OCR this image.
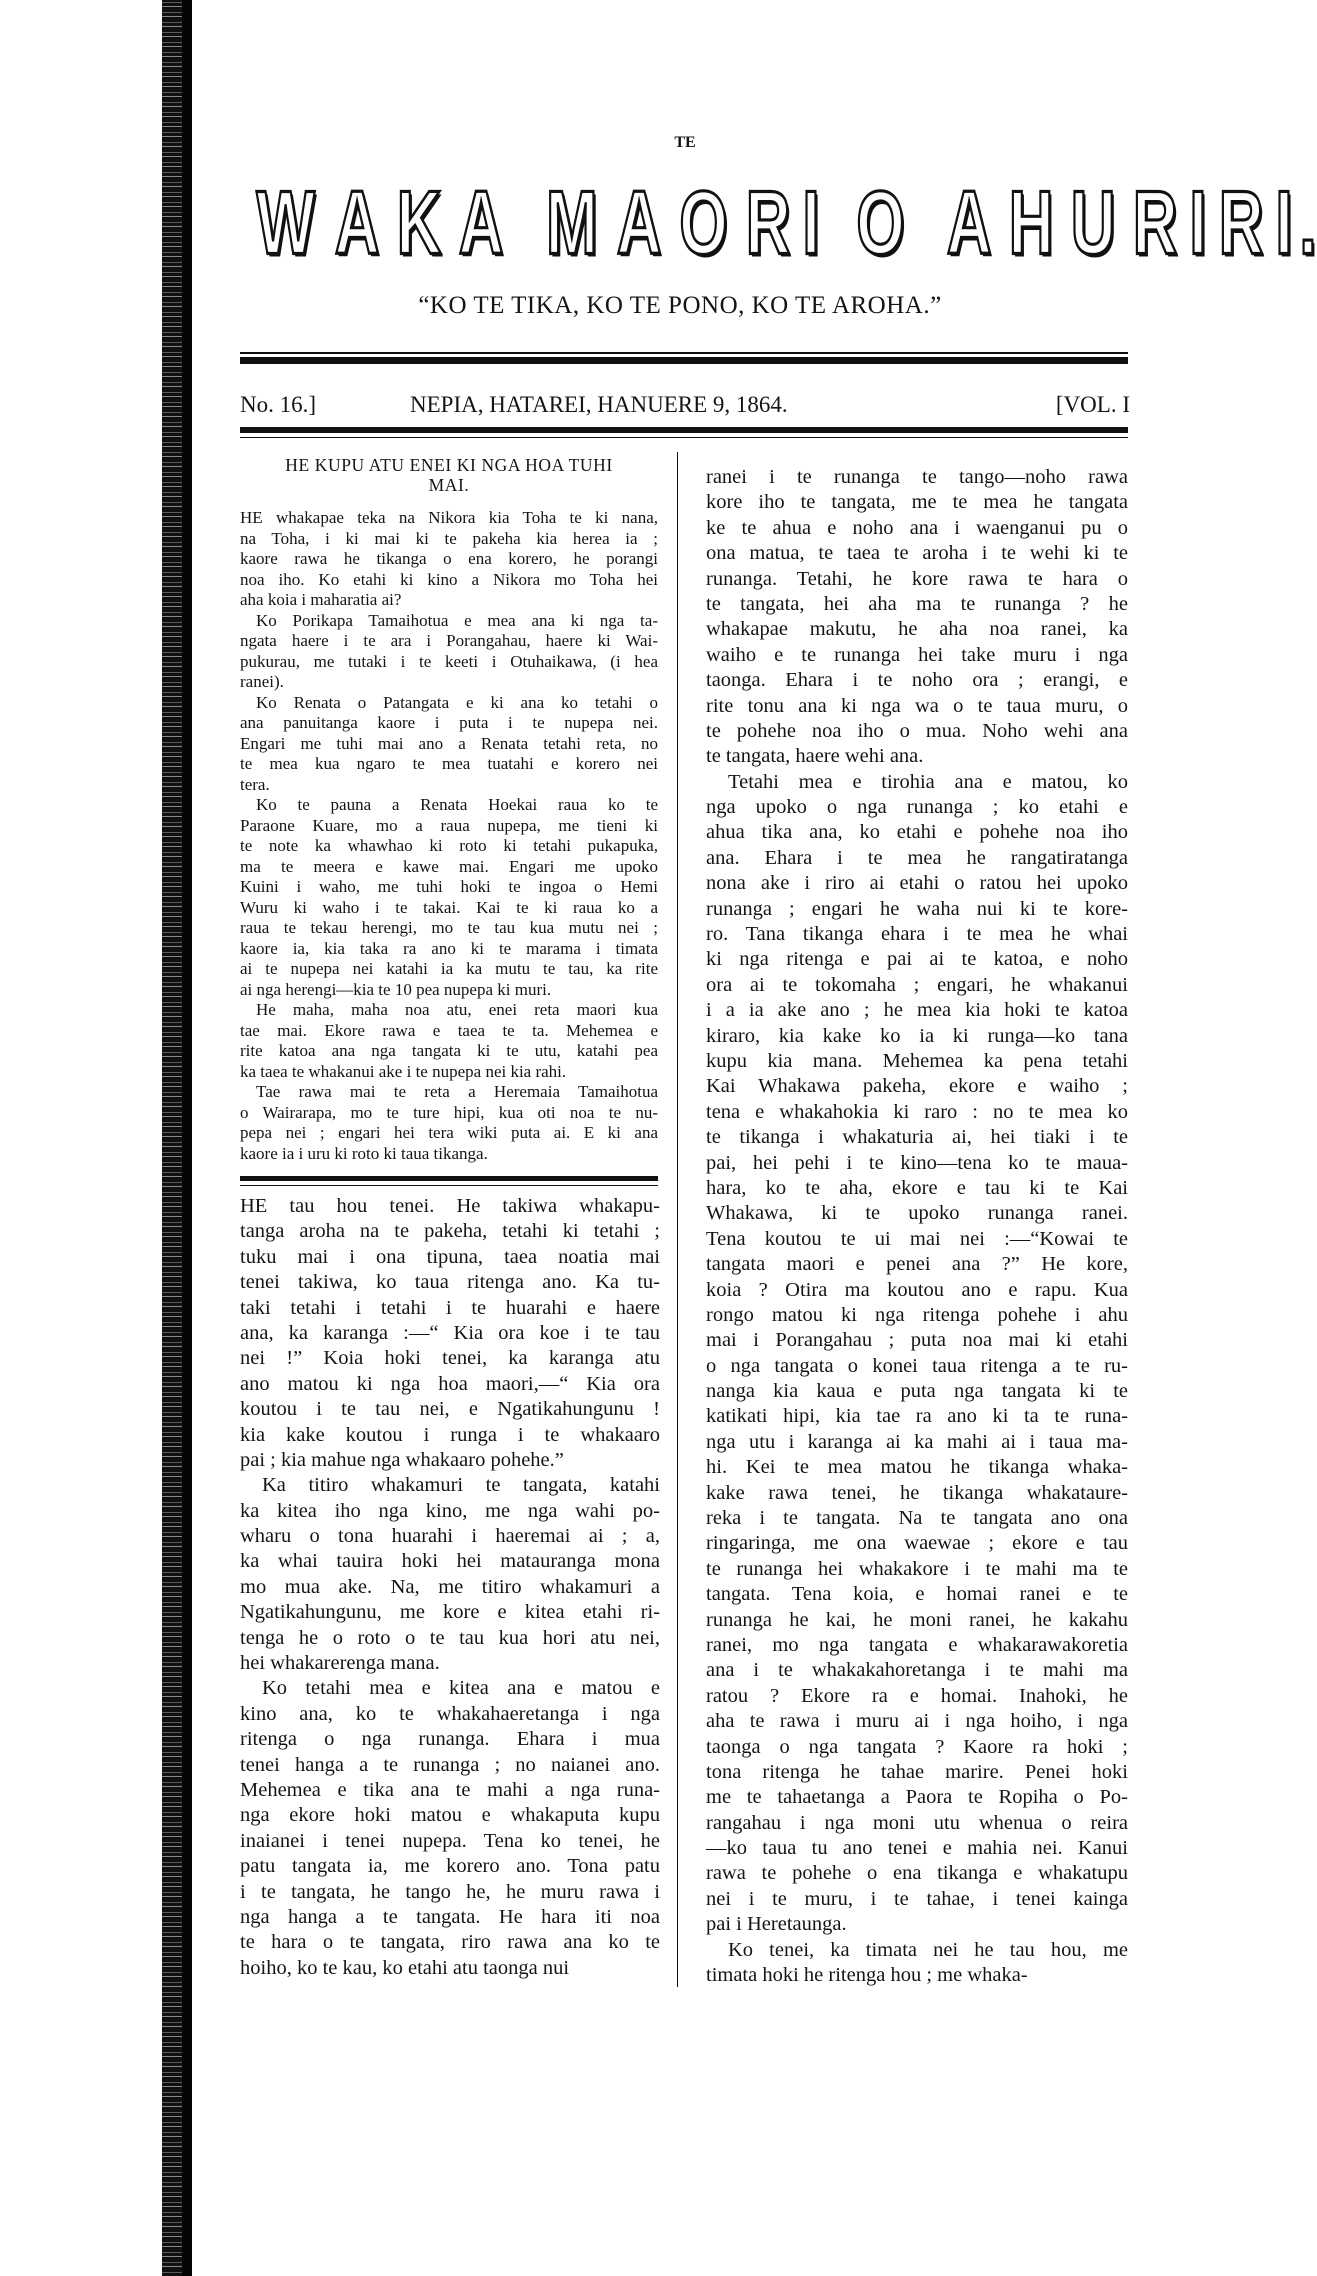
TE
W A K A
M A O R I
O
A H U R I R I .
“KO TE TIKA, KO TE PONO, KO TE AROHA.”
No. 16.]	NEPIA, HATAREI, HANUERE 9, 1864.	[VOL. I
HE KUPU ATU ENEI KI NGA HOA TUHI
MAI.
HE whakapae teka na Nikora kia Toha te ki nana,
na Toha, i ki mai ki te pakeha kia herea ia ;
kaore rawa he tikanga o ena korero, he porangi
noa iho. Ko etahi ki kino a Nikora mo Toha hei
aha koia i maharatia ai?
Ko Porikapa Tamaihotua e mea ana ki nga ta-
ngata haere i te ara i Porangahau, haere ki Wai-
pukurau, me tutaki i te keeti i Otuhaikawa, (i hea
ranei).
Ko Renata o Patangata e ki ana ko tetahi o
ana panuitanga kaore i puta i te nupepa nei.
Engari me tuhi mai ano a Renata tetahi reta, no
te mea kua ngaro te mea tuatahi e korero nei
tera.
Ko te pauna a Renata Hoekai raua ko te
Paraone Kuare, mo a raua nupepa, me tieni ki
te note ka whawhao ki roto ki tetahi pukapuka,
ma te meera e kawe mai. Engari me upoko
Kuini i waho, me tuhi hoki te ingoa o Hemi
Wuru ki waho i te takai. Kai te ki raua ko a
raua te tekau herengi, mo te tau kua mutu nei ;
kaore ia, kia taka ra ano ki te marama i timata
ai te nupepa nei katahi ia ka mutu te tau, ka rite
ai nga herengi—kia te 10 pea nupepa ki muri.
He maha, maha noa atu, enei reta maori kua
tae mai. Ekore rawa e taea te ta. Mehemea e
rite katoa ana nga tangata ki te utu, katahi pea
ka taea te whakanui ake i te nupepa nei kia rahi.
Tae rawa mai te reta a Heremaia Tamaihotua
o Wairarapa, mo te ture hipi, kua oti noa te nu-
pepa nei ; engari hei tera wiki puta ai. E ki ana
kaore ia i uru ki roto ki taua tikanga.
HE tau hou tenei. He takiwa whakapu-
tanga aroha na te pakeha, tetahi ki tetahi ;
tuku mai i ona tipuna, taea noatia mai
tenei takiwa, ko taua ritenga ano. Ka tu-
taki tetahi i tetahi i te huarahi e haere
ana, ka karanga :—“ Kia ora koe i te tau
nei !” Koia hoki tenei, ka karanga atu
ano matou ki nga hoa maori,—“ Kia ora
koutou i te tau nei, e Ngatikahungunu !
kia kake koutou i runga i te whakaaro
pai ; kia mahue nga whakaaro pohehe.”
Ka titiro whakamuri te tangata, katahi
ka kitea iho nga kino, me nga wahi po-
wharu o tona huarahi i haeremai ai ; a,
ka whai tauira hoki hei matauranga mona
mo mua ake. Na, me titiro whakamuri a
Ngatikahungunu, me kore e kitea etahi ri-
tenga he o roto o te tau kua hori atu nei,
hei whakarerenga mana.
Ko tetahi mea e kitea ana e matou e
kino ana, ko te whakahaeretanga i nga
ritenga o nga runanga. Ehara i mua
tenei hanga a te runanga ; no naianei ano.
Mehemea e tika ana te mahi a nga runa-
nga ekore hoki matou e whakaputa kupu
inaianei i tenei nupepa. Tena ko tenei, he
patu tangata ia, me korero ano. Tona patu
i te tangata, he tango he, he muru rawa i
nga hanga a te tangata. He hara iti noa
te hara o te tangata, riro rawa ana ko te
hoiho, ko te kau, ko etahi atu taonga nui
ranei i te runanga te tango—noho rawa
kore iho te tangata, me te mea he tangata
ke te ahua e noho ana i waenganui pu o
ona matua, te taea te aroha i te wehi ki te
runanga. Tetahi, he kore rawa te hara o
te tangata, hei aha ma te runanga ? he
whakapae makutu, he aha noa ranei, ka
waiho e te runanga hei take muru i nga
taonga. Ehara i te noho ora ; erangi, e
rite tonu ana ki nga wa o te taua muru, o
te pohehe noa iho o mua. Noho wehi ana
te tangata, haere wehi ana.
Tetahi mea e tirohia ana e matou, ko
nga upoko o nga runanga ; ko etahi e
ahua tika ana, ko etahi e pohehe noa iho
ana. Ehara i te mea he rangatiratanga
nona ake i riro ai etahi o ratou hei upoko
runanga ; engari he waha nui ki te kore-
ro. Tana tikanga ehara i te mea he whai
ki nga ritenga e pai ai te katoa, e noho
ora ai te tokomaha ; engari, he whakanui
i a ia ake ano ; he mea kia hoki te katoa
kiraro, kia kake ko ia ki runga—ko tana
kupu kia mana. Mehemea ka pena tetahi
Kai Whakawa pakeha, ekore e waiho ;
tena e whakahokia ki raro : no te mea ko
te tikanga i whakaturia ai, hei tiaki i te
pai, hei pehi i te kino—tena ko te maua-
hara, ko te aha, ekore e tau ki te Kai
Whakawa, ki te upoko runanga ranei.
Tena koutou te ui mai nei :—“Kowai te
tangata maori e penei ana ?” He kore,
koia ? Otira ma koutou ano e rapu. Kua
rongo matou ki nga ritenga pohehe i ahu
mai i Porangahau ; puta noa mai ki etahi
o nga tangata o konei taua ritenga a te ru-
nanga kia kaua e puta nga tangata ki te
katikati hipi, kia tae ra ano ki ta te runa-
nga utu i karanga ai ka mahi ai i taua ma-
hi. Kei te mea matou he tikanga whaka-
kake rawa tenei, he tikanga whakataure-
reka i te tangata. Na te tangata ano ona
ringaringa, me ona waewae ; ekore e tau
te runanga hei whakakore i te mahi ma te
tangata. Tena koia, e homai ranei e te
runanga he kai, he moni ranei, he kakahu
ranei, mo nga tangata e whakarawakoretia
ana i te whakakahoretanga i te mahi ma
ratou ? Ekore ra e homai. Inahoki, he
aha te rawa i muru ai i nga hoiho, i nga
taonga o nga tangata ? Kaore ra hoki ;
tona ritenga he tahae marire. Penei hoki
me te tahaetanga a Paora te Ropiha o Po-
rangahau i nga moni utu whenua o reira
—ko taua tu ano tenei e mahia nei. Kanui
rawa te pohehe o ena tikanga e whakatupu
nei i te muru, i te tahae, i tenei kainga
pai i Heretaunga.
Ko tenei, ka timata nei he tau hou, me
timata hoki he ritenga hou ; me whaka-
